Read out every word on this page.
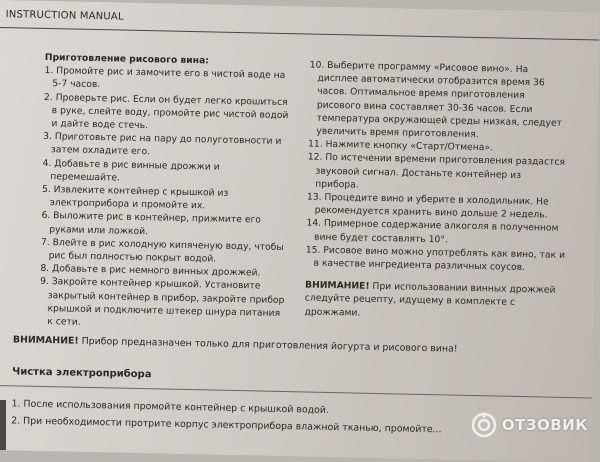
INSTRUCTION MANUAL
Приготовление рисового вина:
1. Промойте рис и замочите его в чистой воде на 5-7 часов.
2. Проверьте рис. Если он будет легко крошиться в руке, слейте воду, промойте рис чистой водой и дайте воде стечь.
3. Приготовьте рис на пару до полуготовности и затем охладите его.
4. Добавьте в рис винные дрожжи и перемешайте.
5. Извлеките контейнер с крышкой из электроприбора и промойте их.
6. Выложите рис в контейнер, прижмите его руками или ложкой.
7. Влейте в рис холодную кипяченую воду, чтобы рис был полностью покрыт водой.
8. Добавьте в рис немного винных дрожжей.
9. Закройте контейнер крышкой. Установите закрытый контейнер в прибор, закройте прибор крышкой и подключите штекер шнура питания к сети.
10. Выберите программу «Рисовое вино». На дисплее автоматически отобразится время 36 часов. Оптимальное время приготовления рисового вина составляет 30-36 часов. Если температура окружающей среды низкая, следует увеличить время приготовления.
11. Нажмите кнопку «Старт/Отмена».
12. По истечении времени приготовления раздастся звуковой сигнал. Достаньте контейнер из прибора.
13. Процедите вино и уберите в холодильник. Не рекомендуется хранить вино дольше 2 недель.
14. Примерное содержание алкоголя в полученном вине будет составлять 10°.
15. Рисовое вино можно употреблять как вино, так и в качестве ингредиента различных соусов.
ВНИМАНИЕ! При использовании винных дрожжей следуйте рецепту, идущему в комплекте с дрожжами.
ВНИМАНИЕ! Прибор предназначен только для приготовления йогурта и рисового вина!
Чистка электроприбора
1. После использования промойте контейнер с крышкой водой.
2. При необходимости протрите корпус электроприбора влажной тканью, промойте...	ОТЗОВИК
